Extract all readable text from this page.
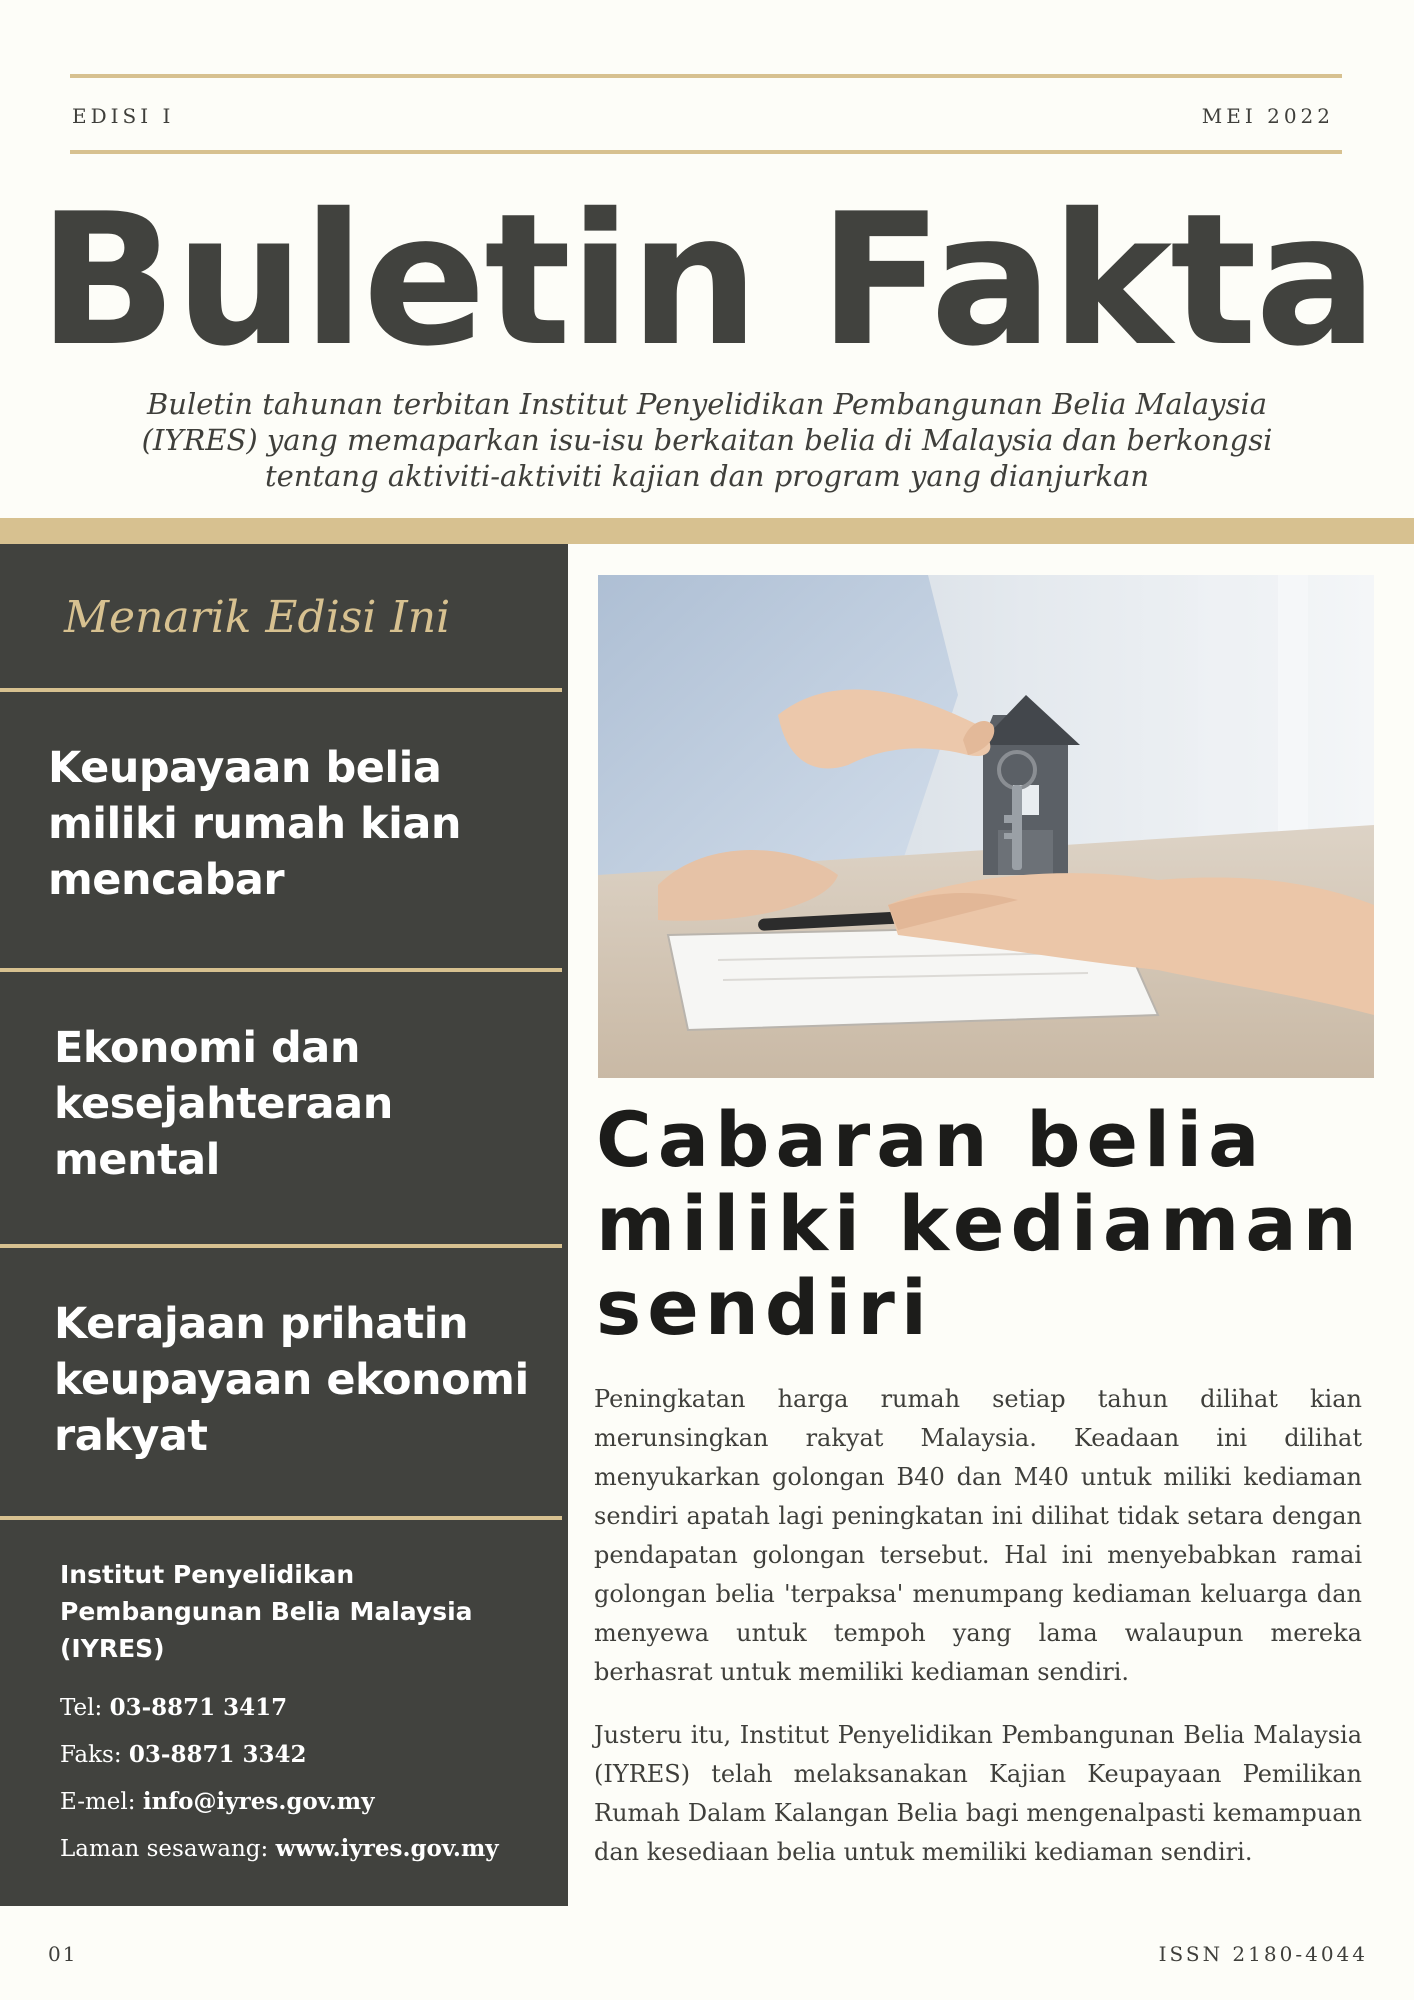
EDISI I	MEI 2022
Buletin Fakta

Buletin tahunan terbitan Institut Penyelidikan Pembangunan Belia Malaysia (IYRES) yang memaparkan isu-isu berkaitan belia di Malaysia dan berkongsi tentang aktiviti-aktiviti kajian dan program yang dianjurkan

Menarik Edisi Ini
Keupayaan belia miliki rumah kian mencabar
Ekonomi dan kesejahteraan mental
Kerajaan prihatin keupayaan ekonomi rakyat
Institut Penyelidikan Pembangunan Belia Malaysia (IYRES)
Tel: 03-8871 3417
Faks: 03-8871 3342
E-mel: info@iyres.gov.my
Laman sesawang: www.iyres.gov.my
Cabaran belia miliki kediaman sendiri

Peningkatan harga rumah setiap tahun dilihat kian merunsingkan rakyat Malaysia. Keadaan ini dilihat menyukarkan golongan B40 dan M40 untuk miliki kediaman sendiri apatah lagi peningkatan ini dilihat tidak setara dengan pendapatan golongan tersebut. Hal ini menyebabkan ramai golongan belia 'terpaksa' menumpang kediaman keluarga dan menyewa untuk tempoh yang lama walaupun mereka berhasrat untuk memiliki kediaman sendiri.

Justeru itu, Institut Penyelidikan Pembangunan Belia Malaysia (IYRES) telah melaksanakan Kajian Keupayaan Pemilikan Rumah Dalam Kalangan Belia bagi mengenalpasti kemampuan dan kesediaan belia untuk memiliki kediaman sendiri.

01	ISSN 2180-4044
